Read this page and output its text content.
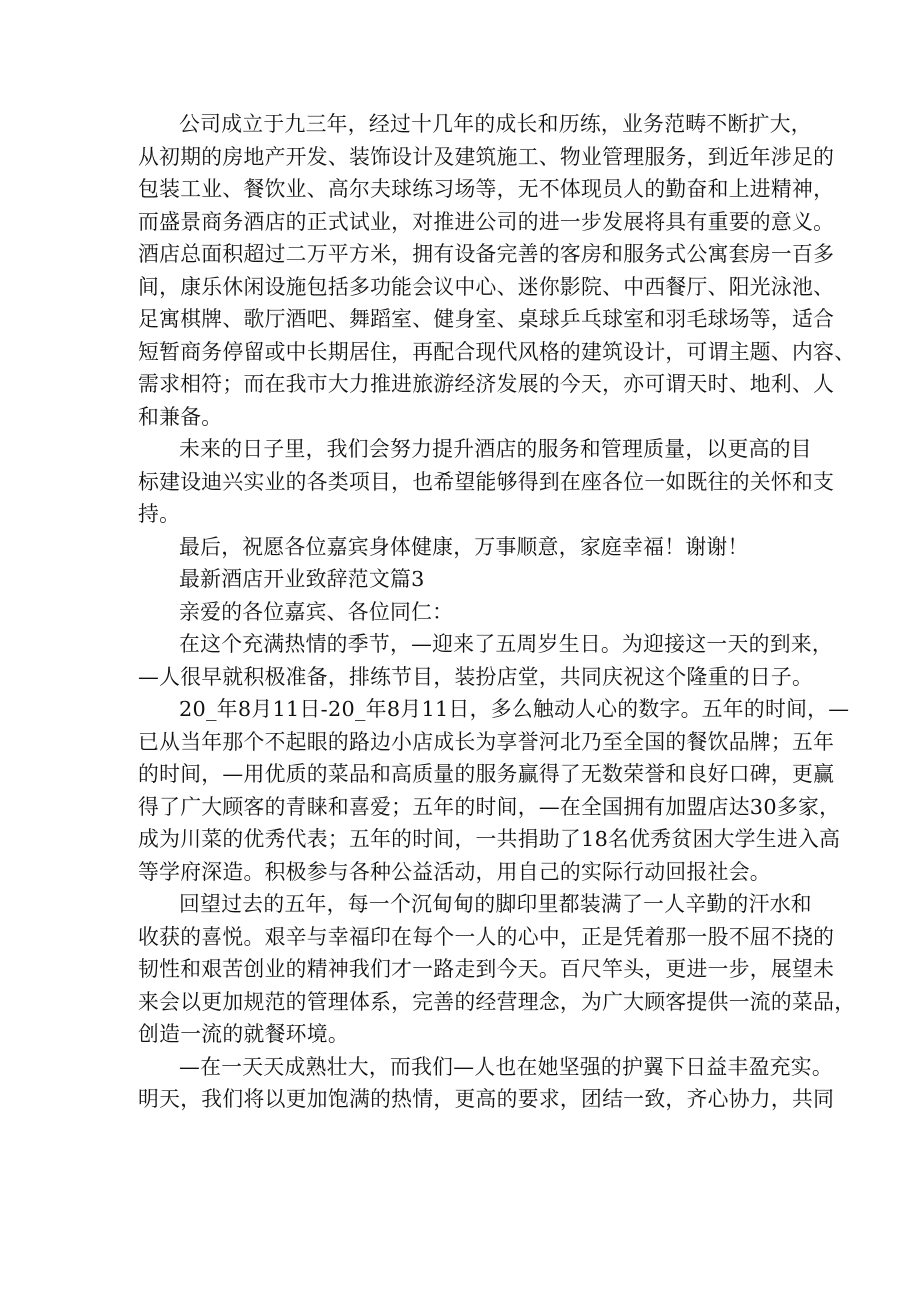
公司成立于九三年，经过十几年的成长和历练，业务范畴不断扩大，
从初期的房地产开发、装饰设计及建筑施工、物业管理服务，到近年涉足的
包装工业、餐饮业、高尔夫球练习场等，无不体现员人的勤奋和上进精神，
而盛景商务酒店的正式试业，对推进公司的进一步发展将具有重要的意义。
酒店总面积超过二万平方米，拥有设备完善的客房和服务式公寓套房一百多
间，康乐休闲设施包括多功能会议中心、迷你影院、中西餐厅、阳光泳池、
足寓棋牌、歌厅酒吧、舞蹈室、健身室、桌球乒乓球室和羽毛球场等，适合
短暂商务停留或中长期居住，再配合现代风格的建筑设计，可谓主题、内容、
需求相符；而在我市大力推进旅游经济发展的今天，亦可谓天时、地利、人
和兼备。
未来的日子里，我们会努力提升酒店的服务和管理质量，以更高的目
标建设迪兴实业的各类项目，也希望能够得到在座各位一如既往的关怀和支
持。
最后，祝愿各位嘉宾身体健康，万事顺意，家庭幸福！谢谢！
最新酒店开业致辞范文篇3
亲爱的各位嘉宾、各位同仁：
在这个充满热情的季节，—迎来了五周岁生日。为迎接这一天的到来，
—人很早就积极准备，排练节目，装扮店堂，共同庆祝这个隆重的日子。
20_年8月11日-20_年8月11日，多么触动人心的数字。五年的时间，—
已从当年那个不起眼的路边小店成长为享誉河北乃至全国的餐饮品牌；五年
的时间，—用优质的菜品和高质量的服务赢得了无数荣誉和良好口碑，更赢
得了广大顾客的青睐和喜爱；五年的时间，—在全国拥有加盟店达30多家，
成为川菜的优秀代表；五年的时间，一共捐助了18名优秀贫困大学生进入高
等学府深造。积极参与各种公益活动，用自己的实际行动回报社会。
回望过去的五年，每一个沉甸甸的脚印里都装满了一人辛勤的汗水和
收获的喜悦。艰辛与幸福印在每个一人的心中，正是凭着那一股不屈不挠的
韧性和艰苦创业的精神我们才一路走到今天。百尺竿头，更进一步，展望未
来会以更加规范的管理体系，完善的经营理念，为广大顾客提供一流的菜品，
创造一流的就餐环境。
—在一天天成熟壮大，而我们—人也在她坚强的护翼下日益丰盈充实。
明天，我们将以更加饱满的热情，更高的要求，团结一致，齐心协力，共同
